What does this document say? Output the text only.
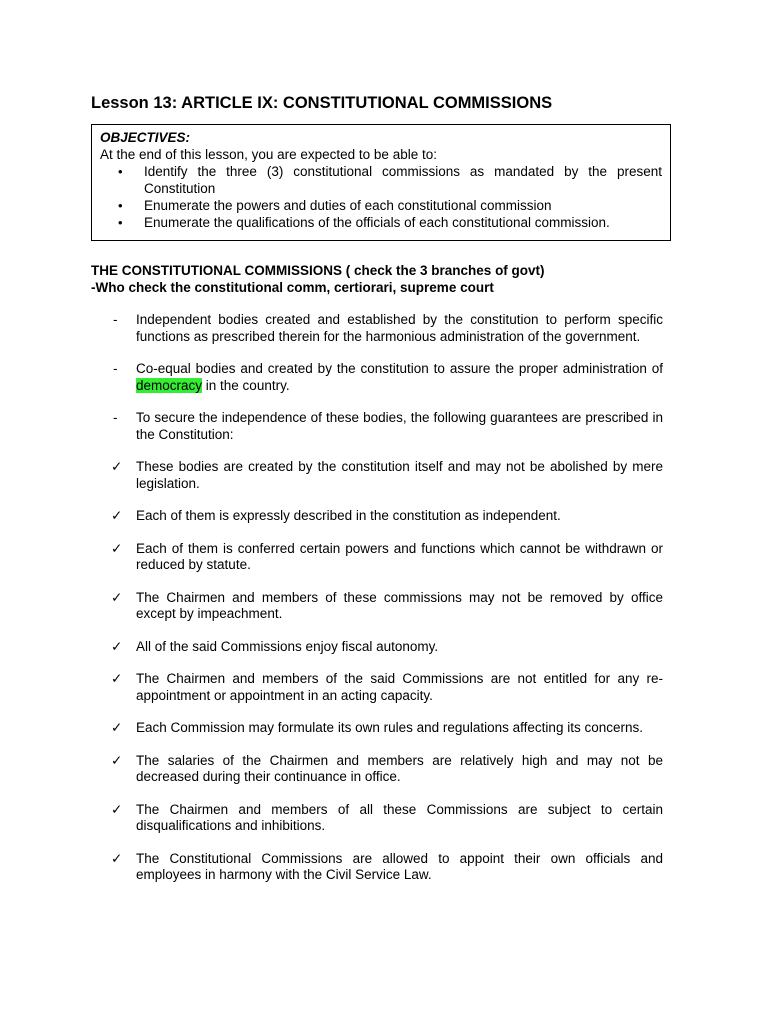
Lesson 13: ARTICLE IX: CONSTITUTIONAL COMMISSIONS

OBJECTIVES:

At the end of this lesson, you are expected to be able to:

• Identify the three (3) constitutional commissions as mandated by the present Constitution
• Enumerate the powers and duties of each constitutional commission
• Enumerate the qualifications of the officials of each constitutional commission.
THE CONSTITUTIONAL COMMISSIONS ( check the 3 branches of govt)
-Who check the constitutional comm, certiorari, supreme court
- Independent bodies created and established by the constitution to perform specific functions as prescribed therein for the harmonious administration of the government.
- Co-equal bodies and created by the constitution to assure the proper administration of democracy in the country.
- To secure the independence of these bodies, the following guarantees are prescribed in the Constitution:
✓ These bodies are created by the constitution itself and may not be abolished by mere legislation.
✓ Each of them is expressly described in the constitution as independent.
✓ Each of them is conferred certain powers and functions which cannot be withdrawn or reduced by statute.
✓ The Chairmen and members of these commissions may not be removed by office except by impeachment.
✓ All of the said Commissions enjoy fiscal autonomy.
✓ The Chairmen and members of the said Commissions are not entitled for any re-appointment or appointment in an acting capacity.
✓ Each Commission may formulate its own rules and regulations affecting its concerns.
✓ The salaries of the Chairmen and members are relatively high and may not be decreased during their continuance in office.
✓ The Chairmen and members of all these Commissions are subject to certain disqualifications and inhibitions.
✓ The Constitutional Commissions are allowed to appoint their own officials and employees in harmony with the Civil Service Law.
